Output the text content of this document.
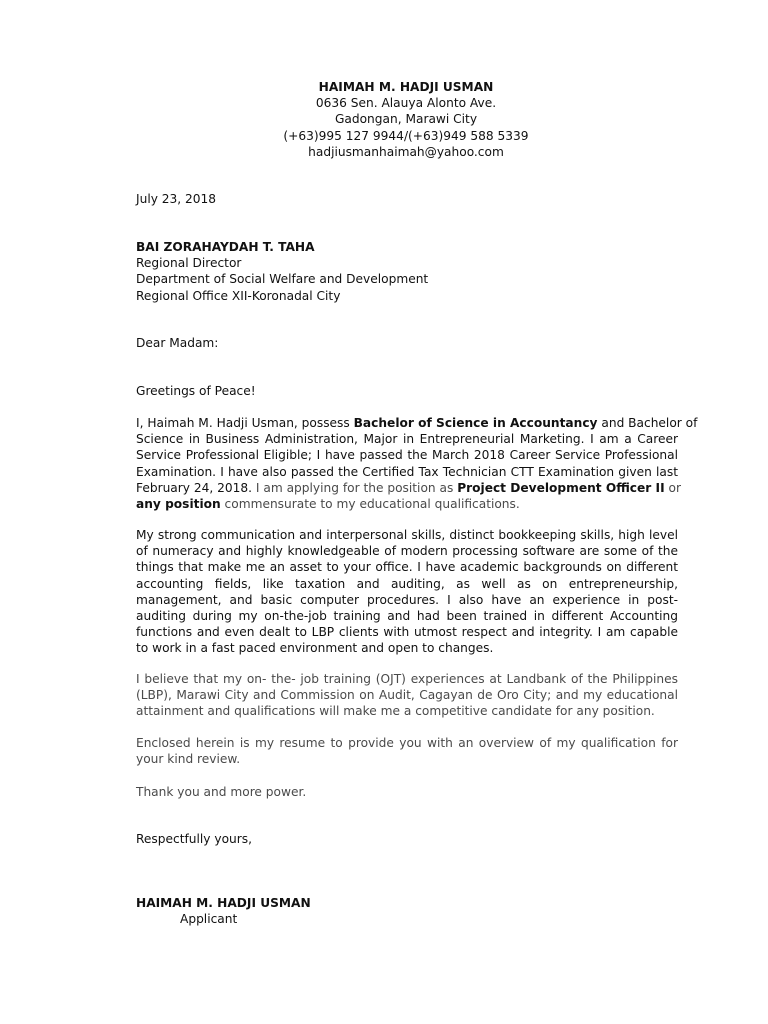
HAIMAH M. HADJI USMAN
0636 Sen. Alauya Alonto Ave.
Gadongan, Marawi City
(+63)995 127 9944/(+63)949 588 5339
hadjiusmanhaimah@yahoo.com
July 23, 2018
BAI ZORAHAYDAH T. TAHA
Regional Director
Department of Social Welfare and Development
Regional Office XII-Koronadal City
Dear Madam:
Greetings of Peace!
I, Haimah M. Hadji Usman, possess Bachelor of Science in Accountancy and Bachelor of
Science in Business Administration, Major in Entrepreneurial Marketing. I am a Career
Service Professional Eligible; I have passed the March 2018 Career Service Professional
Examination. I have also passed the Certified Tax Technician CTT Examination given last
February 24, 2018. I am applying for the position as Project Development Officer II or
any position commensurate to my educational qualifications.
My strong communication and interpersonal skills, distinct bookkeeping skills, high level
of numeracy and highly knowledgeable of modern processing software are some of the
things that make me an asset to your office. I have academic backgrounds on different
accounting fields, like taxation and auditing, as well as on entrepreneurship,
management, and basic computer procedures. I also have an experience in post-
auditing during my on-the-job training and had been trained in different Accounting
functions and even dealt to LBP clients with utmost respect and integrity. I am capable
to work in a fast paced environment and open to changes.
I believe that my on- the- job training (OJT) experiences at Landbank of the Philippines
(LBP), Marawi City and Commission on Audit, Cagayan de Oro City; and my educational
attainment and qualifications will make me a competitive candidate for any position.
Enclosed herein is my resume to provide you with an overview of my qualification for
your kind review.
Thank you and more power.
Respectfully yours,
HAIMAH M. HADJI USMAN
Applicant
